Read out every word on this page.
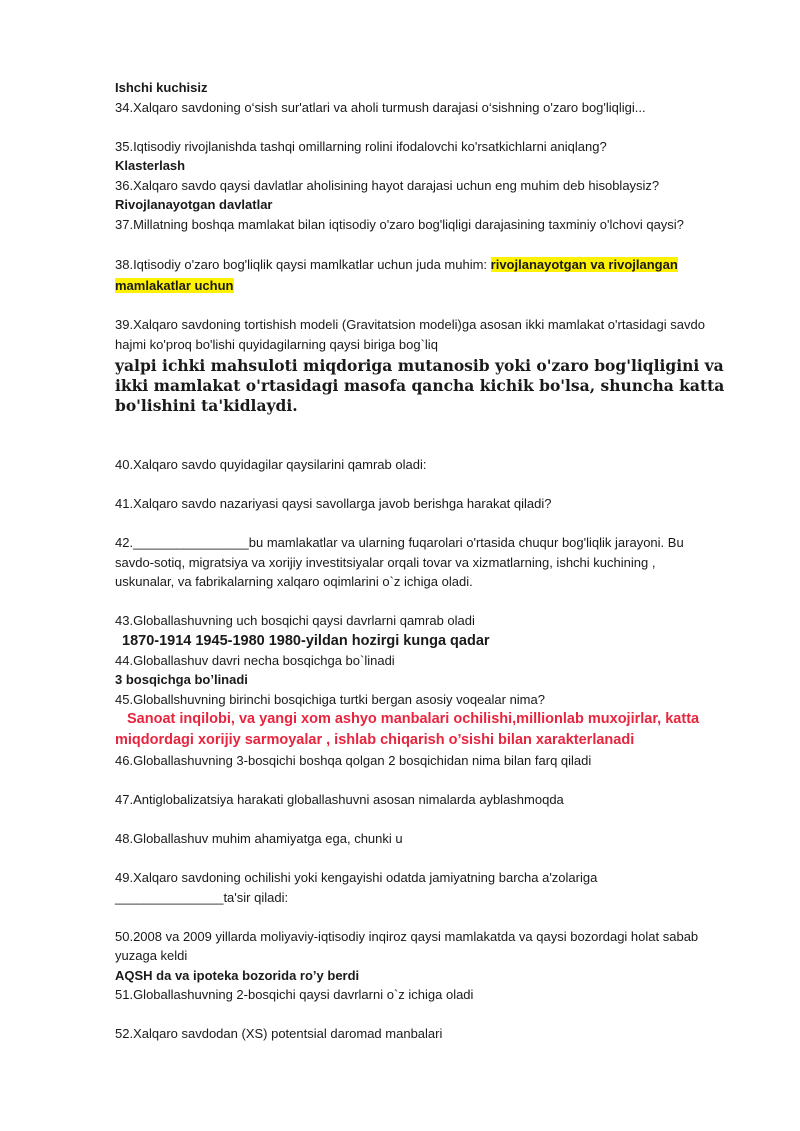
Ishchi kuchisiz

34.Xalqaro savdoning o‘sish sur'atlari va aholi turmush darajasi o‘sishning o'zaro bog'liqligi...

35.Iqtisodiy rivojlanishda tashqi omillarning rolini ifodalovchi ko'rsatkichlarni aniqlang?

Klasterlash

36.Xalqaro savdo qaysi davlatlar aholisining hayot darajasi uchun eng muhim deb hisoblaysiz?

Rivojlanayotgan davlatlar

37.Millatning boshqa mamlakat bilan iqtisodiy o'zaro bog'liqligi darajasining taxminiy o'lchovi qaysi?

38.Iqtisodiy o'zaro bog'liqlik qaysi mamlkatlar uchun juda muhim: rivojlanayotgan va rivojlangan

mamlakatlar uchun

39.Xalqaro savdoning tortishish modeli (Gravitatsion modeli)ga asosan ikki mamlakat o'rtasidagi savdo

hajmi ko'proq bo'lishi quyidagilarning qaysi biriga bog`liq

yalpi ichki mahsuloti miqdoriga mutanosib yoki o'zaro bog'liqligini va ikki mamlakat o'rtasidagi masofa qancha kichik bo'lsa, shuncha katta bo'lishini ta'kidlaydi.

40.Xalqaro savdo quyidagilar qaysilarini qamrab oladi:

41.Xalqaro savdo nazariyasi qaysi savollarga javob berishga harakat qiladi?

42.________________bu mamlakatlar va ularning fuqarolari o'rtasida chuqur bog'liqlik jarayoni. Bu

savdo-sotiq, migratsiya va xorijiy investitsiyalar orqali tovar va xizmatlarning, ishchi kuchining ,

uskunalar, va fabrikalarning xalqaro oqimlarini o`z ichiga oladi.

43.Globallashuvning uch bosqichi qaysi davrlarni qamrab oladi

1870-1914 1945-1980 1980-yildan hozirgi kunga qadar

44.Globallashuv davri necha bosqichga bo`linadi

3 bosqichga bo’linadi

45.Globallshuvning birinchi bosqichiga turtki bergan asosiy voqealar nima?

Sanoat inqilobi, va yangi xom ashyo manbalari ochilishi,millionlab muxojirlar, katta
miqdordagi xorijiy sarmoyalar , ishlab chiqarish o’sishi bilan xarakterlanadi

46.Globallashuvning 3-bosqichi boshqa qolgan 2 bosqichidan nima bilan farq qiladi

47.Antiglobalizatsiya harakati globallashuvni asosan nimalarda ayblashmoqda

48.Globallashuv muhim ahamiyatga ega, chunki u

49.Xalqaro savdoning ochilishi yoki kengayishi odatda jamiyatning barcha a'zolariga

_______________ta'sir qiladi:

50.2008 va 2009 yillarda moliyaviy-iqtisodiy inqiroz qaysi mamlakatda va qaysi bozordagi holat sabab

yuzaga keldi

AQSH da va ipoteka bozorida ro’y berdi

51.Globallashuvning 2-bosqichi qaysi davrlarni o`z ichiga oladi

52.Xalqaro savdodan (XS) potentsial daromad manbalari
